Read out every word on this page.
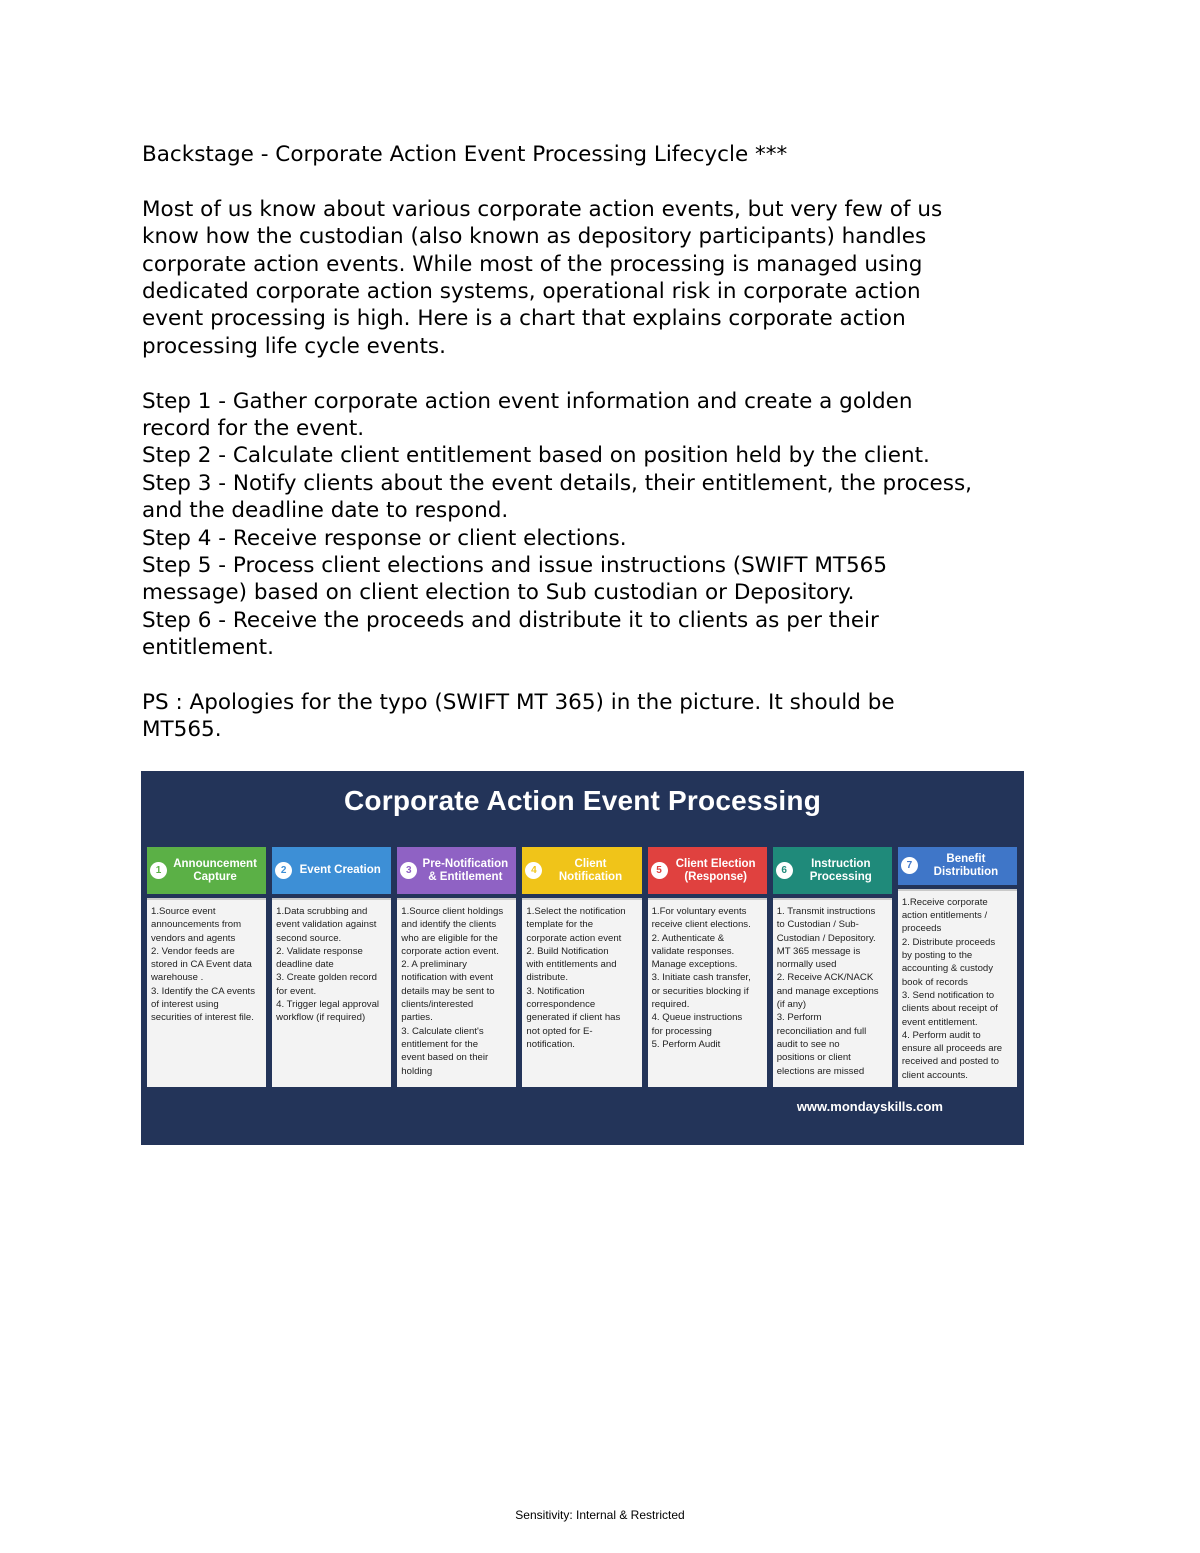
Backstage - Corporate Action Event Processing Lifecycle ***

Most of us know about various corporate action events, but very few of us

know how the custodian (also known as depository participants) handles

corporate action events. While most of the processing is managed using

dedicated corporate action systems, operational risk in corporate action

event processing is high. Here is a chart that explains corporate action

processing life cycle events.

Step 1 - Gather corporate action event information and create a golden

record for the event.

Step 2 - Calculate client entitlement based on position held by the client.

Step 3 - Notify clients about the event details, their entitlement, the process,

and the deadline date to respond.

Step 4 - Receive response or client elections.

Step 5 - Process client elections and issue instructions (SWIFT MT565

message) based on client election to Sub custodian or Depository.

Step 6 - Receive the proceeds and distribute it to clients as per their

entitlement.

PS : Apologies for the typo (SWIFT MT 365) in the picture. It should be

MT565.

Corporate Action Event Processing
1
Announcement
Capture
1.Source event
announcements from
vendors and agents
2. Vendor feeds are
stored in CA Event data
warehouse .
3. Identify the CA events
of interest using
securities of interest file.
2	Event Creation
1.Data scrubbing and
event validation against
second source.
2. Validate response
deadline date
3. Create golden record
for event.
4. Trigger legal approval
workflow (if required)
3
Pre-Notification
& Entitlement
1.Source client holdings
and identify the clients
who are eligible for the
corporate action event.
2. A preliminary
notification with event
details may be sent to
clients/interested
parties.
3. Calculate client's
entitlement for the
event based on their
holding
4
Client
Notification
1.Select the notification
template for the
corporate action event
2. Build Notification
with entitlements and
distribute.
3. Notification
correspondence
generated if client has
not opted for E-
notification.
5
Client Election
(Response)
1.For voluntary events
receive client elections.
2. Authenticate &
validate responses.
Manage exceptions.
3. Initiate cash transfer,
or securities blocking if
required.
4. Queue instructions
for processing
5. Perform Audit
6
Instruction
Processing
1. Transmit instructions
to Custodian / Sub-
Custodian / Depository.
MT 365 message is
normally used
2. Receive ACK/NACK
and manage exceptions
(if any)
3. Perform
reconciliation and full
audit to see no
positions or client
elections are missed
7
Benefit
Distribution
1.Receive corporate
action entitlements /
proceeds
2. Distribute proceeds
by posting to the
accounting & custody
book of records
3. Send notification to
clients about receipt of
event entitlement.
4. Perform audit to
ensure all proceeds are
received and posted to
client accounts.
www.mondayskills.com
Sensitivity: Internal & Restricted
